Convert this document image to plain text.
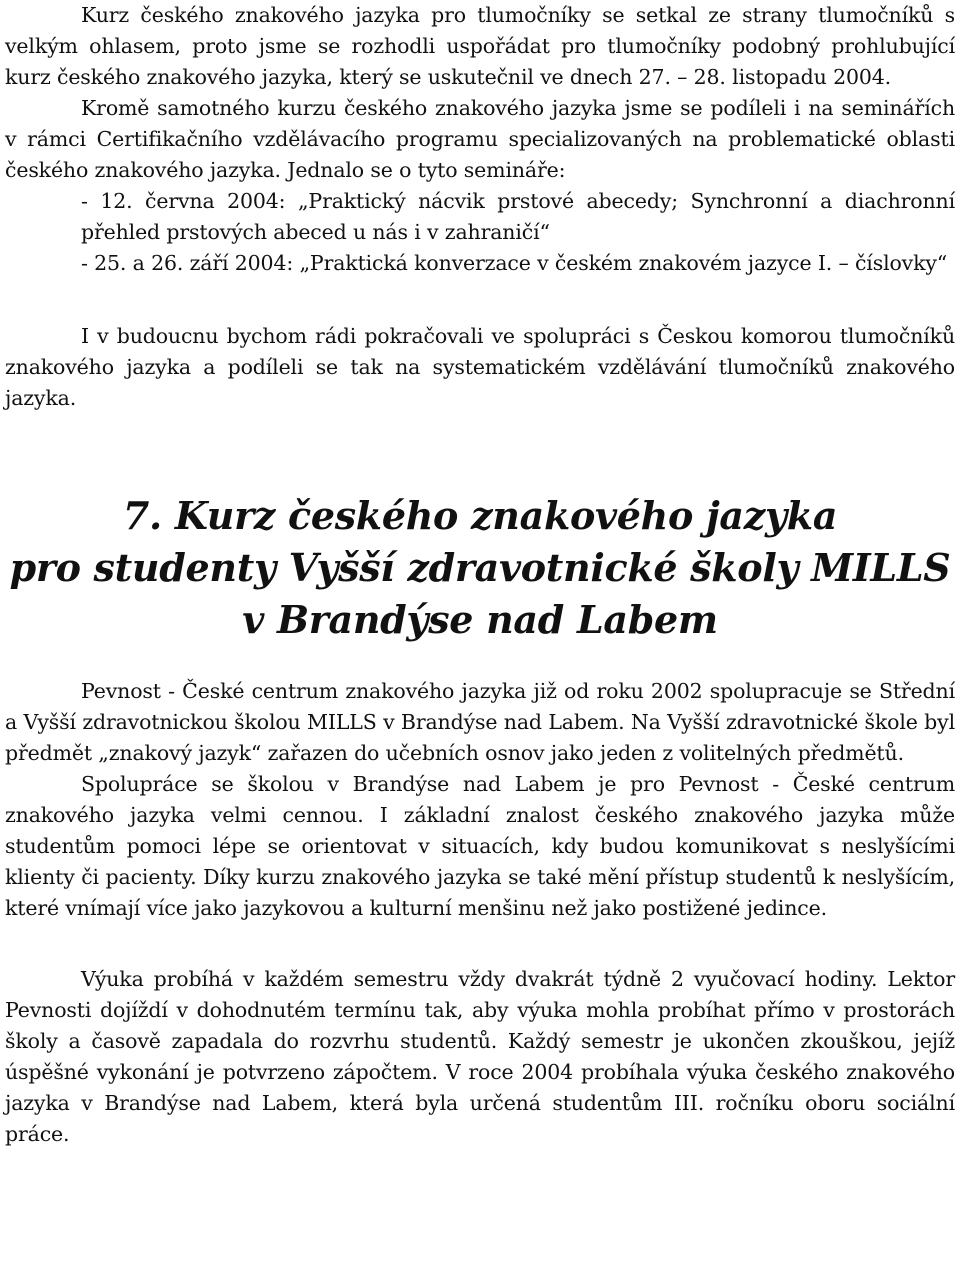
Kurz českého znakového jazyka pro tlumočníky se setkal ze strany tlumočníků s velkým ohlasem, proto jsme se rozhodli uspořádat pro tlumočníky podobný prohlubující kurz českého znakového jazyka, který se uskutečnil ve dnech 27. – 28. listopadu 2004.

Kromě samotného kurzu českého znakového jazyka jsme se podíleli i na seminářích v rámci Certifikačního vzdělávacího programu specializovaných na problematické oblasti českého znakového jazyka. Jednalo se o tyto semináře:

- 12. června 2004: „Praktický nácvik prstové abecedy; Synchronní a diachronní přehled prstových abeced u nás i v zahraničí“

- 25. a 26. září 2004: „Praktická konverzace v českém znakovém jazyce I. – číslovky“

I v budoucnu bychom rádi pokračovali ve spolupráci s Českou komorou tlumočníků znakového jazyka a podíleli se tak na systematickém vzdělávání tlumočníků znakového jazyka.

7. Kurz českého znakového jazyka
pro studenty Vyšší zdravotnické školy MILLS
v Brandýse nad Labem

Pevnost - České centrum znakového jazyka již od roku 2002 spolupracuje se Střední a Vyšší zdravotnickou školou MILLS v Brandýse nad Labem. Na Vyšší zdravotnické škole byl předmět „znakový jazyk“ zařazen do učebních osnov jako jeden z volitelných předmětů.

Spolupráce se školou v Brandýse nad Labem je pro Pevnost - České centrum znakového jazyka velmi cennou. I základní znalost českého znakového jazyka může studentům pomoci lépe se orientovat v situacích, kdy budou komunikovat s neslyšícími klienty či pacienty. Díky kurzu znakového jazyka se také mění přístup studentů k neslyšícím, které vnímají více jako jazykovou a kulturní menšinu než jako postižené jedince.

Výuka probíhá v každém semestru vždy dvakrát týdně 2 vyučovací hodiny. Lektor Pevnosti dojíždí v dohodnutém termínu tak, aby výuka mohla probíhat přímo v prostorách školy a časově zapadala do rozvrhu studentů. Každý semestr je ukončen zkouškou, jejíž úspěšné vykonání je potvrzeno zápočtem. V roce 2004 probíhala výuka českého znakového jazyka v Brandýse nad Labem, která byla určená studentům III. ročníku oboru sociální práce.
